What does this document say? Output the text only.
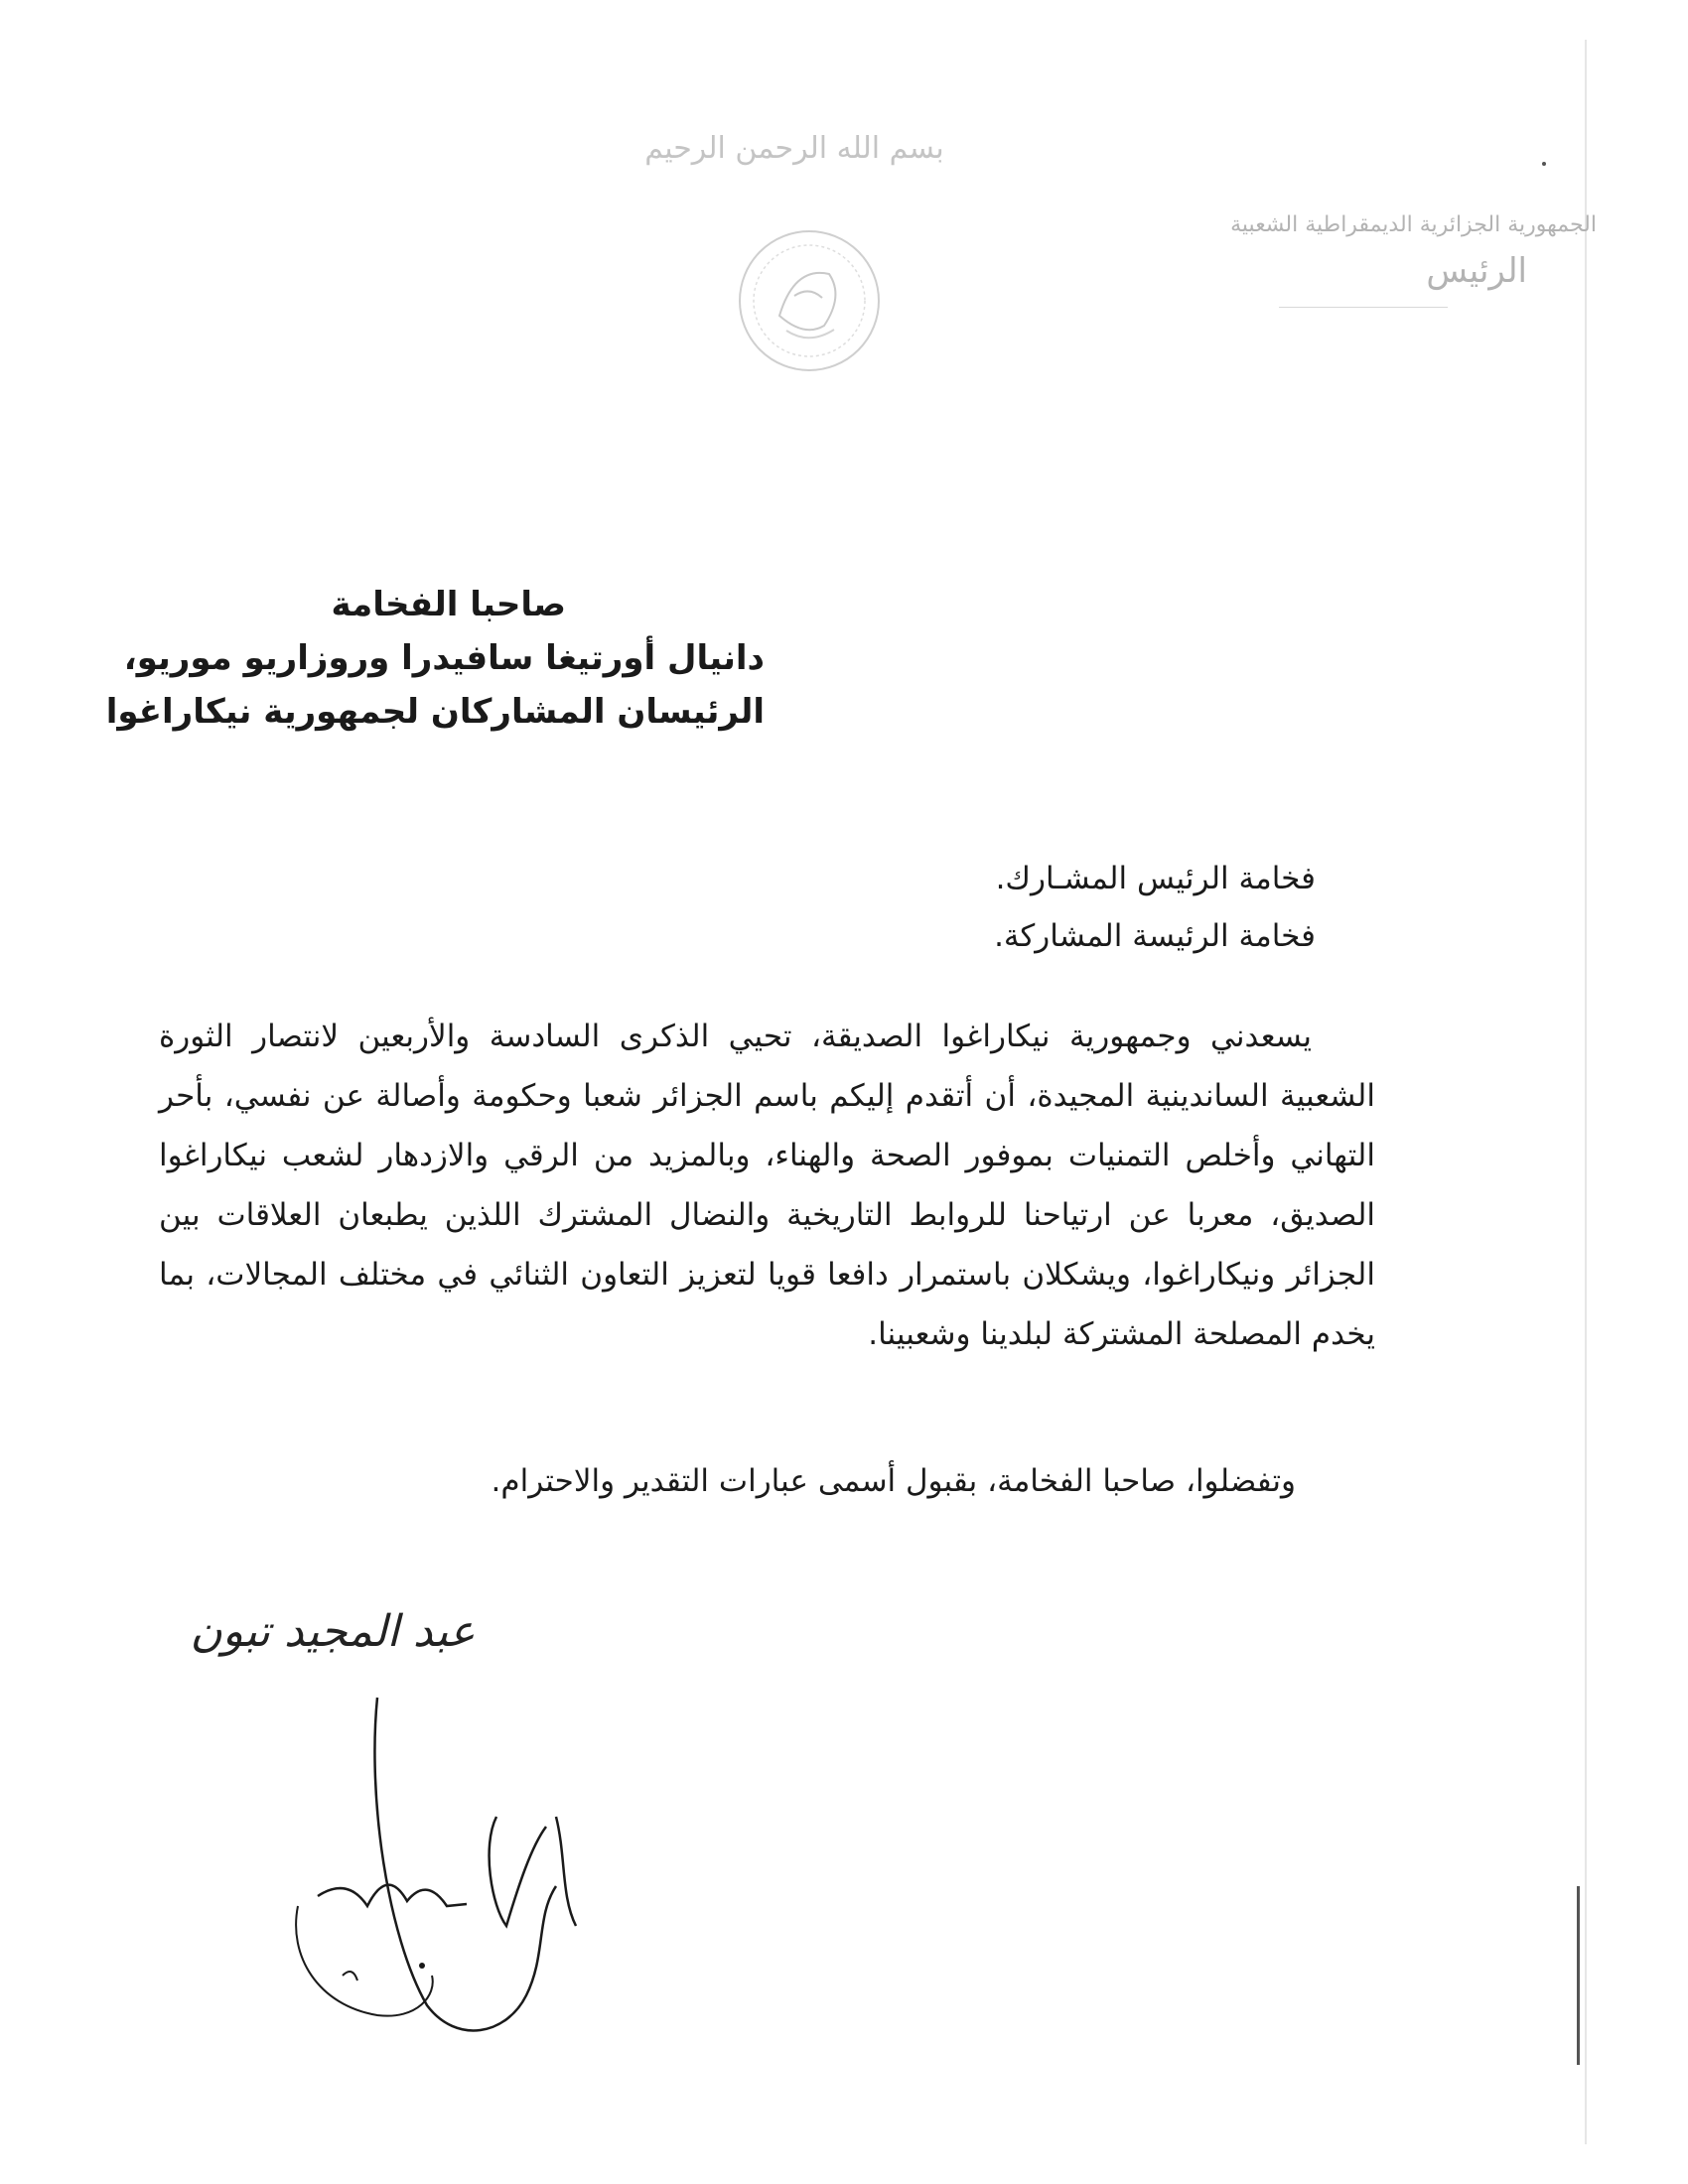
بسم الله الرحمن الرحيم
الجمهورية الجزائرية الديمقراطية الشعبية
الرئيس
صاحبا الفخامة
دانيال أورتيغا سافيدرا وروزاريو موريو،
الرئيسان المشاركان لجمهورية نيكاراغوا
فخامة الرئيس المشـارك.
فخامة الرئيسة المشاركة.
يسعدني وجمهورية نيكاراغوا الصديقة، تحيي الذكرى السادسة والأربعين لانتصار الثورة الشعبية الساندينية المجيدة، أن أتقدم إليكم باسم الجزائر شعبا وحكومة وأصالة عن نفسي، بأحر التهاني وأخلص التمنيات بموفور الصحة والهناء، وبالمزيد من الرقي والازدهار لشعب نيكاراغوا الصديق، معربا عن ارتياحنا للروابط التاريخية والنضال المشترك اللذين يطبعان العلاقات بين الجزائر ونيكاراغوا، ويشكلان باستمرار دافعا قويا لتعزيز التعاون الثنائي في مختلف المجالات، بما يخدم المصلحة المشتركة لبلدينا وشعبينا.
وتفضلوا، صاحبا الفخامة، بقبول أسمى عبارات التقدير والاحترام.
عبد المجيد تبون
